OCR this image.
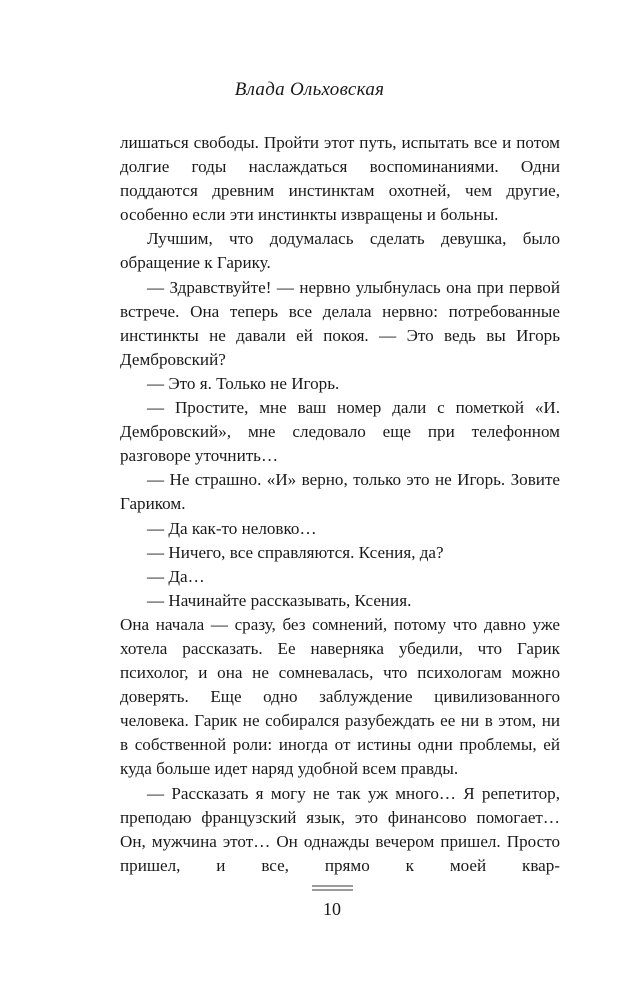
Влада Ольховская

лишаться свободы. Пройти этот путь, испытать все и потом долгие годы наслаждаться воспоминаниями. Одни поддаются древним инстинктам охотней, чем другие, особенно если эти инстинкты извращены и больны.

Лучшим, что додумалась сделать девушка, было обращение к Гарику.

— Здравствуйте! — нервно улыбнулась она при первой встрече. Она теперь все делала нервно: потребованные инстинкты не давали ей покоя. — Это ведь вы Игорь Дембровский?

— Это я. Только не Игорь.

— Простите, мне ваш номер дали с пометкой «И. Дембровский», мне следовало еще при телефонном разговоре уточнить…

— Не страшно. «И» верно, только это не Игорь. Зовите Гариком.

— Да как-то неловко…

— Ничего, все справляются. Ксения, да?

— Да…

— Начинайте рассказывать, Ксения.

Она начала — сразу, без сомнений, потому что давно уже хотела рассказать. Ее наверняка убедили, что Гарик психолог, и она не сомневалась, что психологам можно доверять. Еще одно заблуждение цивилизованного человека. Гарик не собирался разубеждать ее ни в этом, ни в собственной роли: иногда от истины одни проблемы, ей куда больше идет наряд удобной всем правды.

— Рассказать я могу не так уж много… Я репетитор, преподаю французский язык, это финансово помогает… Он, мужчина этот… Он однажды вечером пришел. Просто пришел, и все, прямо к моей квар-

10
